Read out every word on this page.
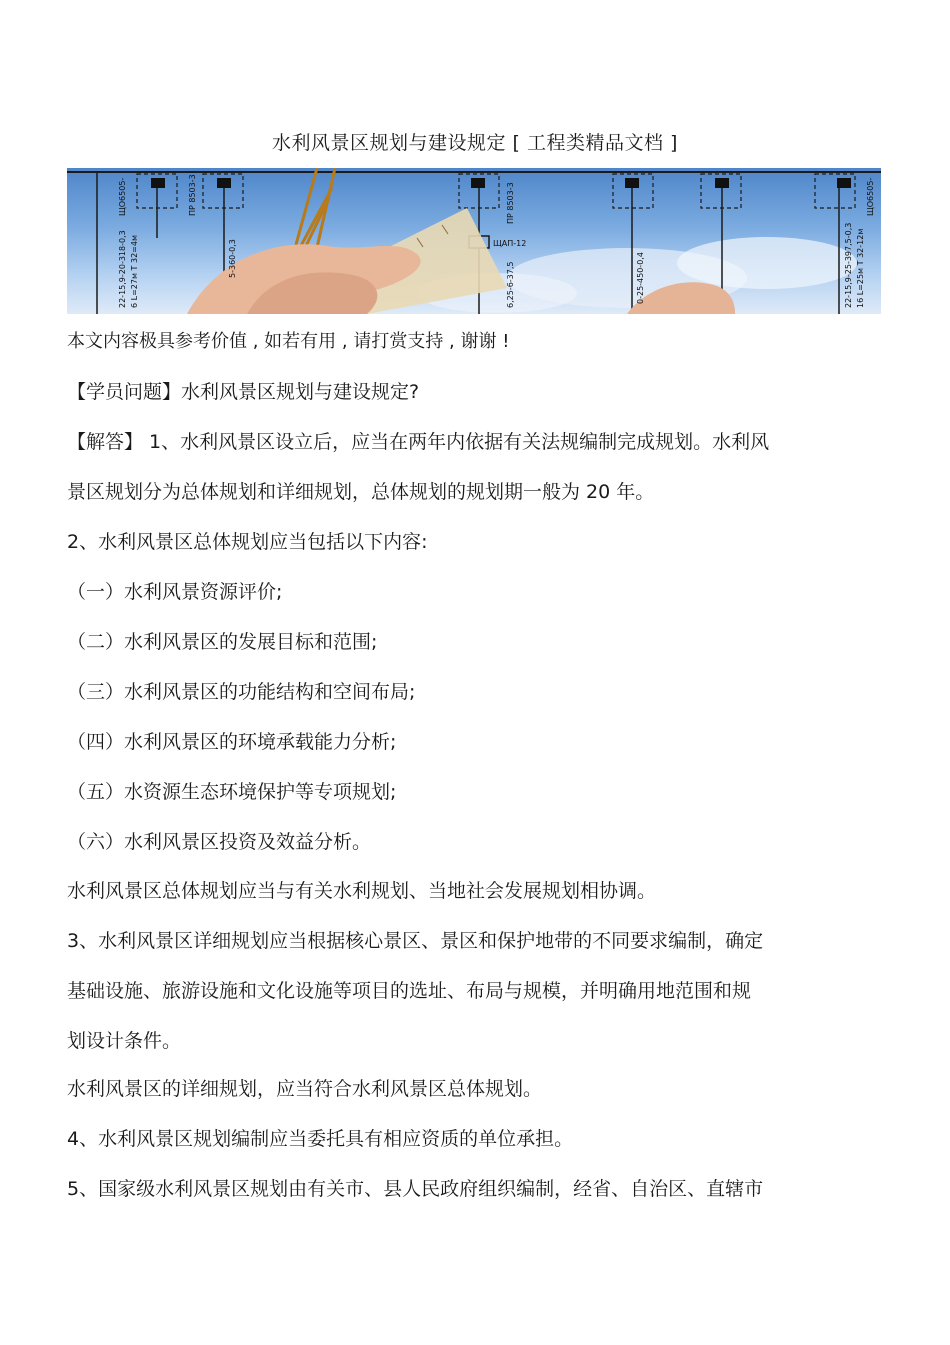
水利风景区规划与建设规定 [ 工程类精品文档 ]
ЩО6505-	ПР 8503-3	ПР 8503-3
ЩАП-12
ЩО6505-
22-15,9-20-318-0,3 6 L=27м Т 32=4м	5-360-0,3
6,25-6-37,5	0-25-450-0,4	22-15,9-25-397,5-0,3 16 L=25м Т 32-12м
本文内容极具参考价值 , 如若有用 , 请打赏支持 , 谢谢 !
【学员问题】水利风景区规划与建设规定?
【解答】 1、水利风景区设立后，应当在两年内依据有关法规编制完成规划。水利风
景区规划分为总体规划和详细规划，总体规划的规划期一般为 20 年。
2、水利风景区总体规划应当包括以下内容:
（一）水利风景资源评价;
（二）水利风景区的发展目标和范围;
（三）水利风景区的功能结构和空间布局;
（四）水利风景区的环境承载能力分析;
（五）水资源生态环境保护等专项规划;
（六）水利风景区投资及效益分析。
水利风景区总体规划应当与有关水利规划、当地社会发展规划相协调。
3、水利风景区详细规划应当根据核心景区、景区和保护地带的不同要求编制，确定
基础设施、旅游设施和文化设施等项目的选址、布局与规模，并明确用地范围和规
划设计条件。
水利风景区的详细规划，应当符合水利风景区总体规划。
4、水利风景区规划编制应当委托具有相应资质的单位承担。
5、国家级水利风景区规划由有关市、县人民政府组织编制，经省、自治区、直辖市
